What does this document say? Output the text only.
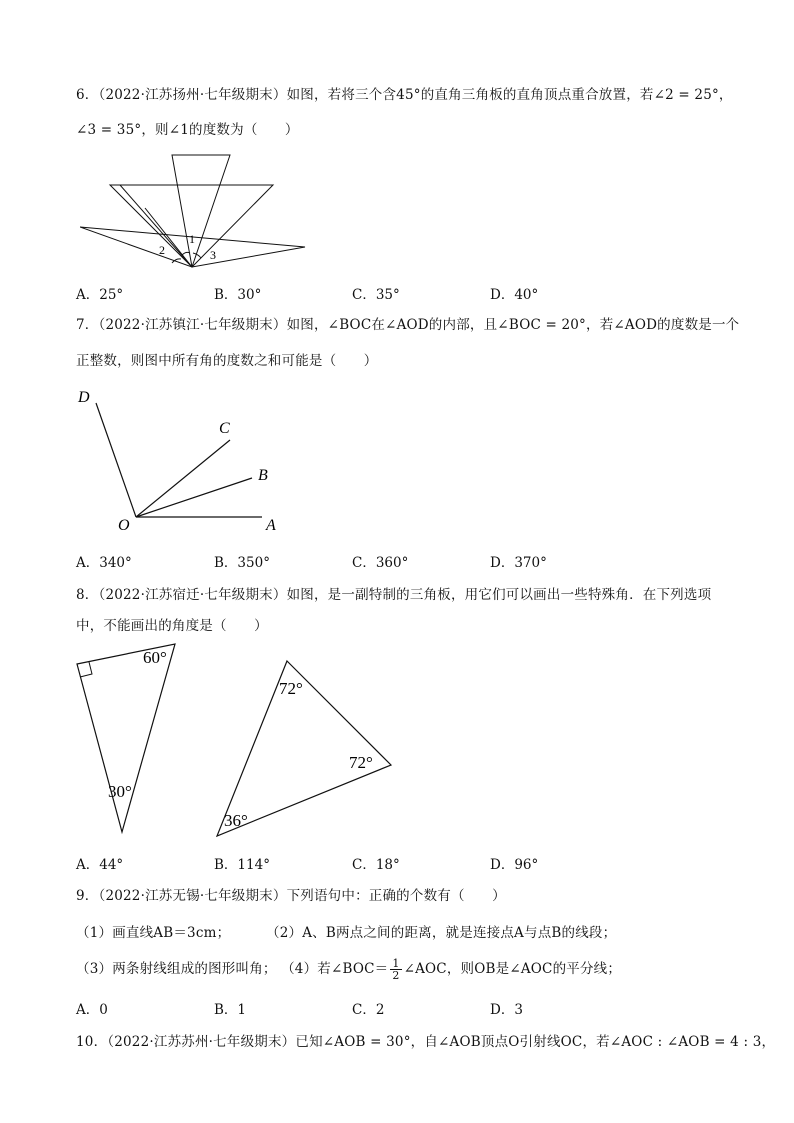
6．（2022·江苏扬州·七年级期末）如图，若将三个含45°的直角三角板的直角顶点重合放置，若∠2 = 25°，
∠3 = 35°，则∠1的度数为（　　）
1
2	3
A．25°	B．30°	C．35°	D．40°
7．（2022·江苏镇江·七年级期末）如图，∠BOC在∠AOD的内部，且∠BOC = 20°，若∠AOD的度数是一个
正整数，则图中所有角的度数之和可能是（　　）
D
C
B
O	A
A．340°	B．350°	C．360°	D．370°
8．（2022·江苏宿迁·七年级期末）如图，是一副特制的三角板，用它们可以画出一些特殊角．在下列选项
中，不能画出的角度是（　　）
60°
30°
72°
72°
36°
A．44°	B．114°	C．18°	D．96°
9．（2022·江苏无锡·七年级期末）下列语句中：正确的个数有（　　）
（1）画直线AB＝3cm；	（2）A、B两点之间的距离，就是连接点A与点B的线段；
（3）两条射线组成的图形叫角； （4）若∠BOC＝ $\frac{1}{2}$ ∠AOC，则OB是∠AOC的平分线；
A．0	B．1	C．2	D．3
10．（2022·江苏苏州·七年级期末）已知∠AOB = 30°，自∠AOB顶点O引射线OC，若∠AOC : ∠AOB = 4 : 3，
